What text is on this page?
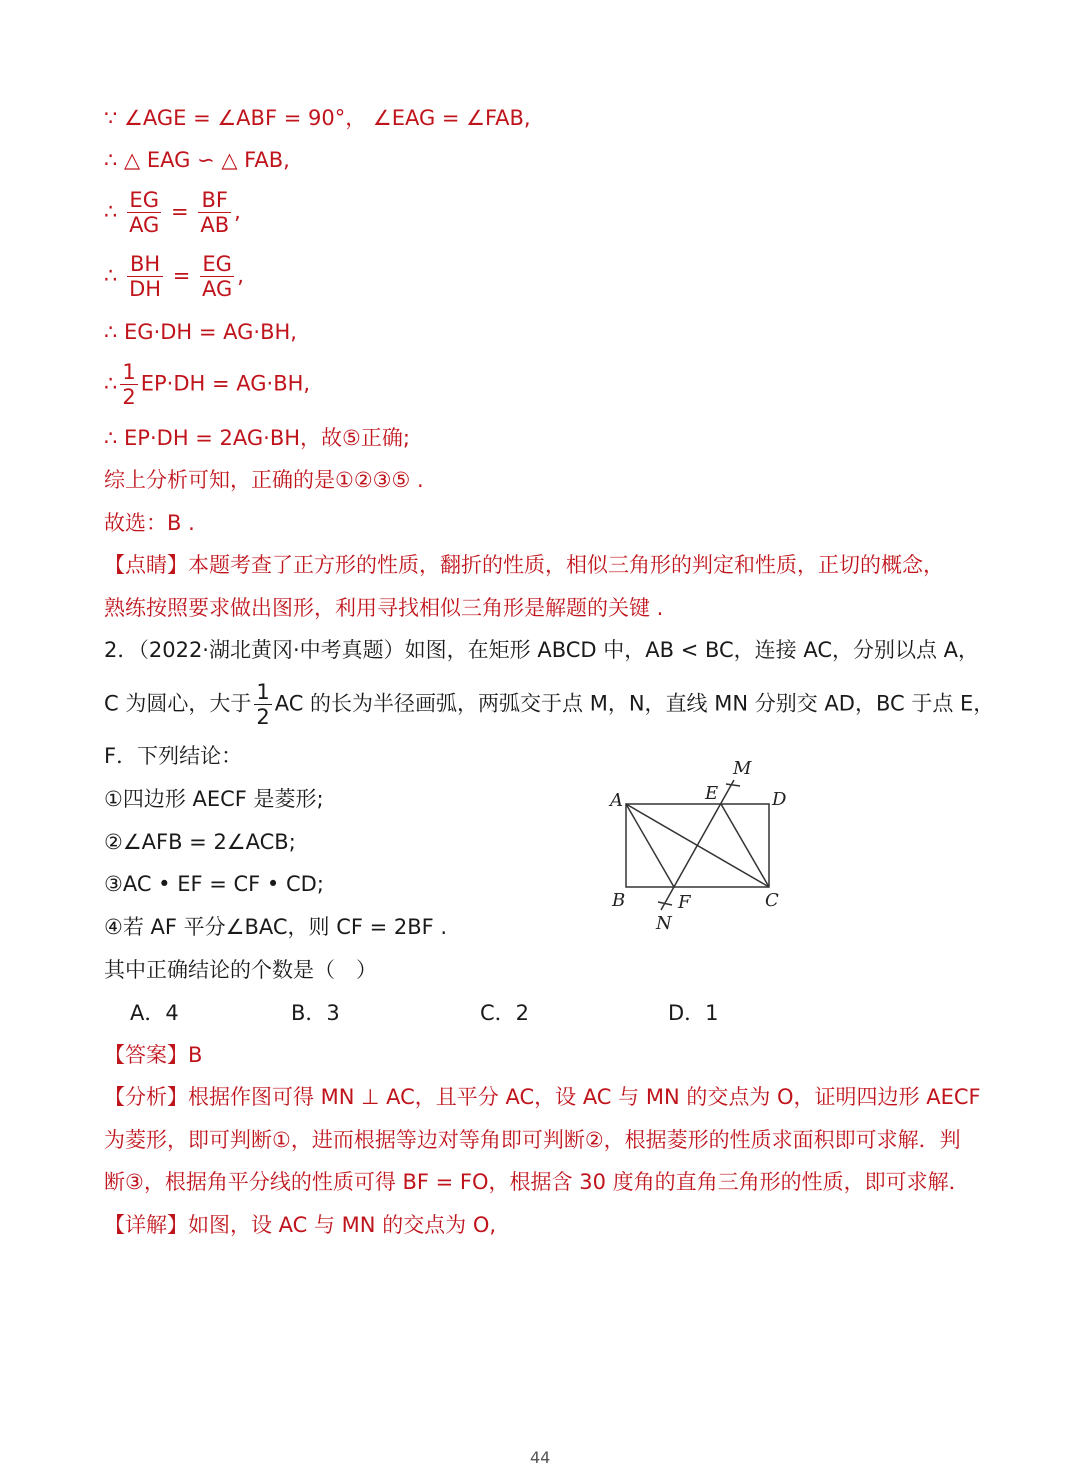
∵ ∠AGE = ∠ABF = 90°， ∠EAG = ∠FAB,
∴ △ EAG ∽ △ FAB,
∴ $\frac{EG}{AG} = \frac{BF}{AB}$ ,
∴ $\frac{BH}{DH} = \frac{EG}{AG}$ ,
∴ EG·DH = AG·BH,
∴ $\frac{1}{2} EP\cdot DH = AG\cdot BH$,
∴ EP·DH = 2AG·BH，故⑤正确;
综上分析可知，正确的是①②③⑤ .
故选：B .
【点睛】本题考查了正方形的性质，翻折的性质，相似三角形的判定和性质，正切的概念，
熟练按照要求做出图形，利用寻找相似三角形是解题的关键 .
2．（2022·湖北黄冈·中考真题）如图，在矩形 ABCD 中，AB < BC，连接 AC，分别以点 A，
C 为圆心，大于 $\frac{1}{2}$ AC 的长为半径画弧，两弧交于点 M，N，直线 MN 分别交 AD，BC 于点 E，
F．下列结论：
①四边形 AECF 是菱形;
②∠AFB = 2∠ACB;
③AC • EF = CF • CD;
④若 AF 平分∠BAC，则 CF = 2BF .
其中正确结论的个数是（　）
A．4	B．3	C．2	D．1
A	D
E
M
B	F	C
N
【答案】B
【分析】根据作图可得 MN ⊥ AC，且平分 AC，设 AC 与 MN 的交点为 O，证明四边形 AECF
为菱形，即可判断①，进而根据等边对等角即可判断②，根据菱形的性质求面积即可求解．判
断③，根据角平分线的性质可得 BF = FO，根据含 30 度角的直角三角形的性质，即可求解．
【详解】如图，设 AC 与 MN 的交点为 O,
44
